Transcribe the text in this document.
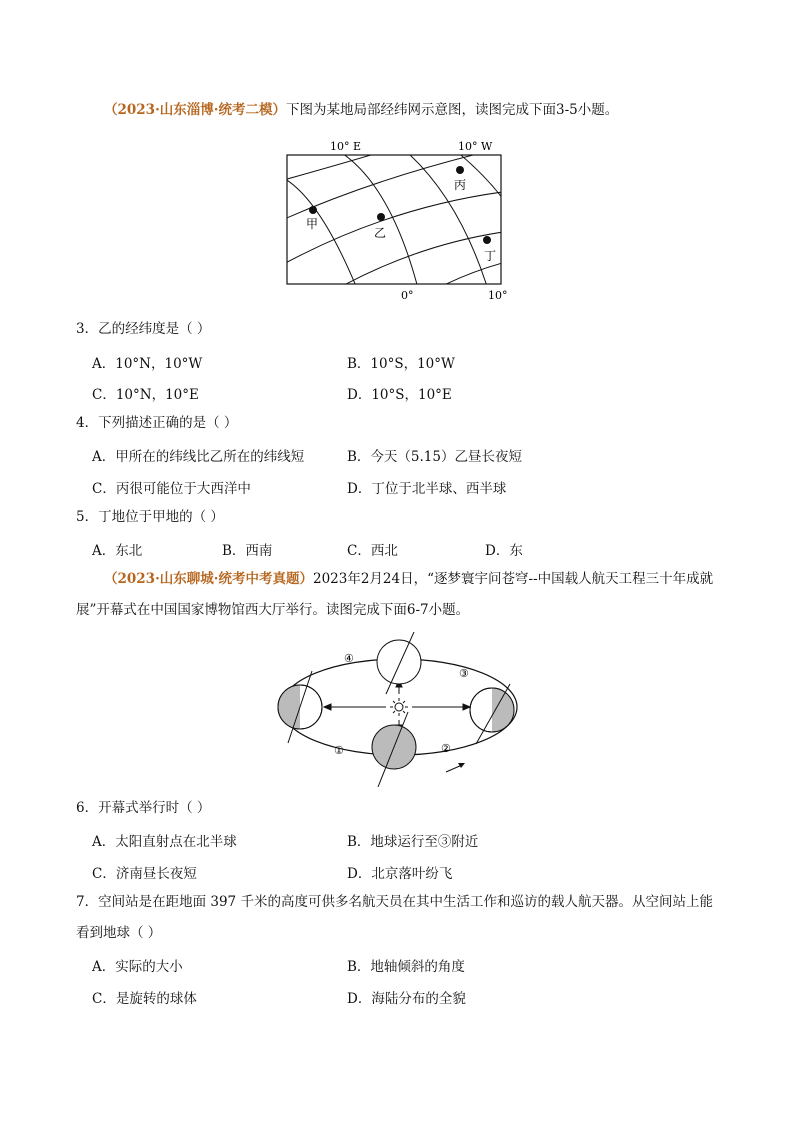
（2023·山东淄博·统考二模）下图为某地局部经纬网示意图，读图完成下面3-5小题。
10° E	10° W
甲
乙
丙
丁
0°	10°
3．乙的经纬度是（ ）
A．10°N，10°W	B．10°S，10°W
C．10°N，10°E	D．10°S，10°E
4．下列描述正确的是（ ）
A．甲所在的纬线比乙所在的纬线短	B．今天（5.15）乙昼长夜短
C．丙很可能位于大西洋中	D．丁位于北半球、西半球
5．丁地位于甲地的（ ）
A．东北	B．西南	C．西北	D．东
（2023·山东聊城·统考中考真题）2023年2月24日，“逐梦寰宇问苍穹--中国载人航天工程三十年成就
展”开幕式在中国国家博物馆西大厅举行。读图完成下面6-7小题。
④
③
①	②
6．开幕式举行时（ ）
A．太阳直射点在北半球	B．地球运行至③附近
C．济南昼长夜短	D．北京落叶纷飞
7．空间站是在距地面 397 千米的高度可供多名航天员在其中生活工作和巡访的载人航天器。从空间站上能
看到地球（ ）
A．实际的大小	B．地轴倾斜的角度
C．是旋转的球体	D．海陆分布的全貌
